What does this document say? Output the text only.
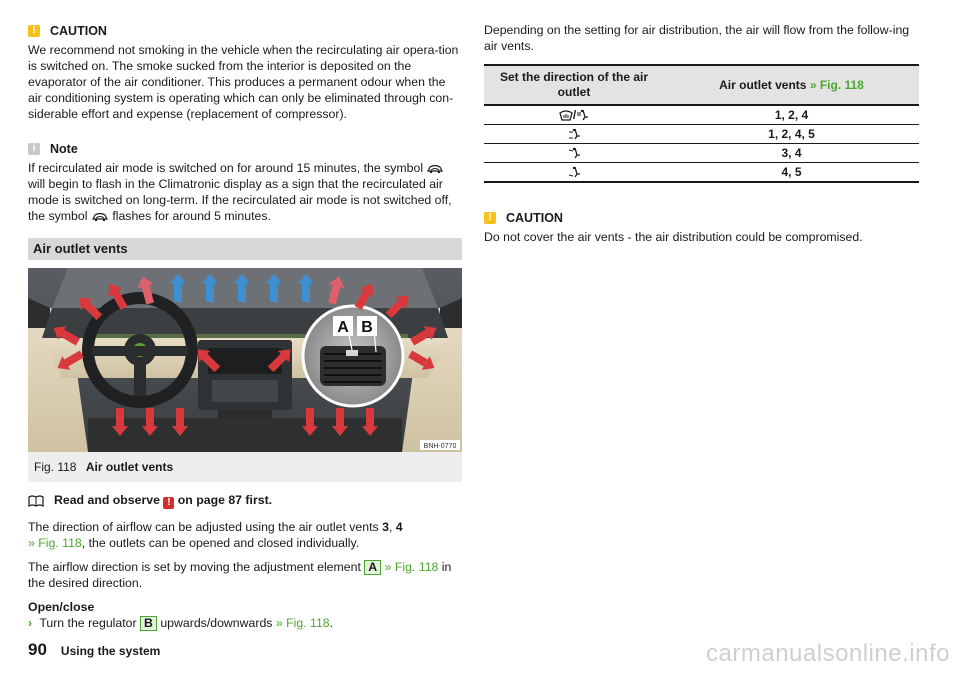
! CAUTION

We recommend not smoking in the vehicle when the recirculating air opera-tion is switched on. The smoke sucked from the interior is deposited on the evaporator of the air conditioner. This produces a permanent odour when the air conditioning system is operating which can only be eliminated through con-siderable effort and expense (replacement of compressor).

i Note

If recirculated air mode is switched on for around 15 minutes, the symbol  will begin to flash in the Climatronic display as a sign that the recirculated air mode is switched on long-term. If the recirculated air mode is not switched off, the symbol flashes for around 5 minutes.

Air outlet vents
A B
BNH-0770
Fig. 118 Air outlet vents
Read and observe ! on page 87 first.

The direction of airflow can be adjusted using the air outlet vents 3, 4
» Fig. 118, the outlets can be opened and closed individually.

The airflow direction is set by moving the adjustment element A » Fig. 118 in the desired direction.

Open/close
› Turn the regulator B upwards/downwards » Fig. 118.

Depending on the setting for air distribution, the air will flow from the follow-ing air vents.

Set the direction of the air outlet	Air outlet vents » Fig. 118
/	1, 2, 4
	1, 2, 4, 5
	3, 4
	4, 5
! CAUTION

Do not cover the air vents - the air distribution could be compromised.

90 Using the system	carmanualsonline.info
